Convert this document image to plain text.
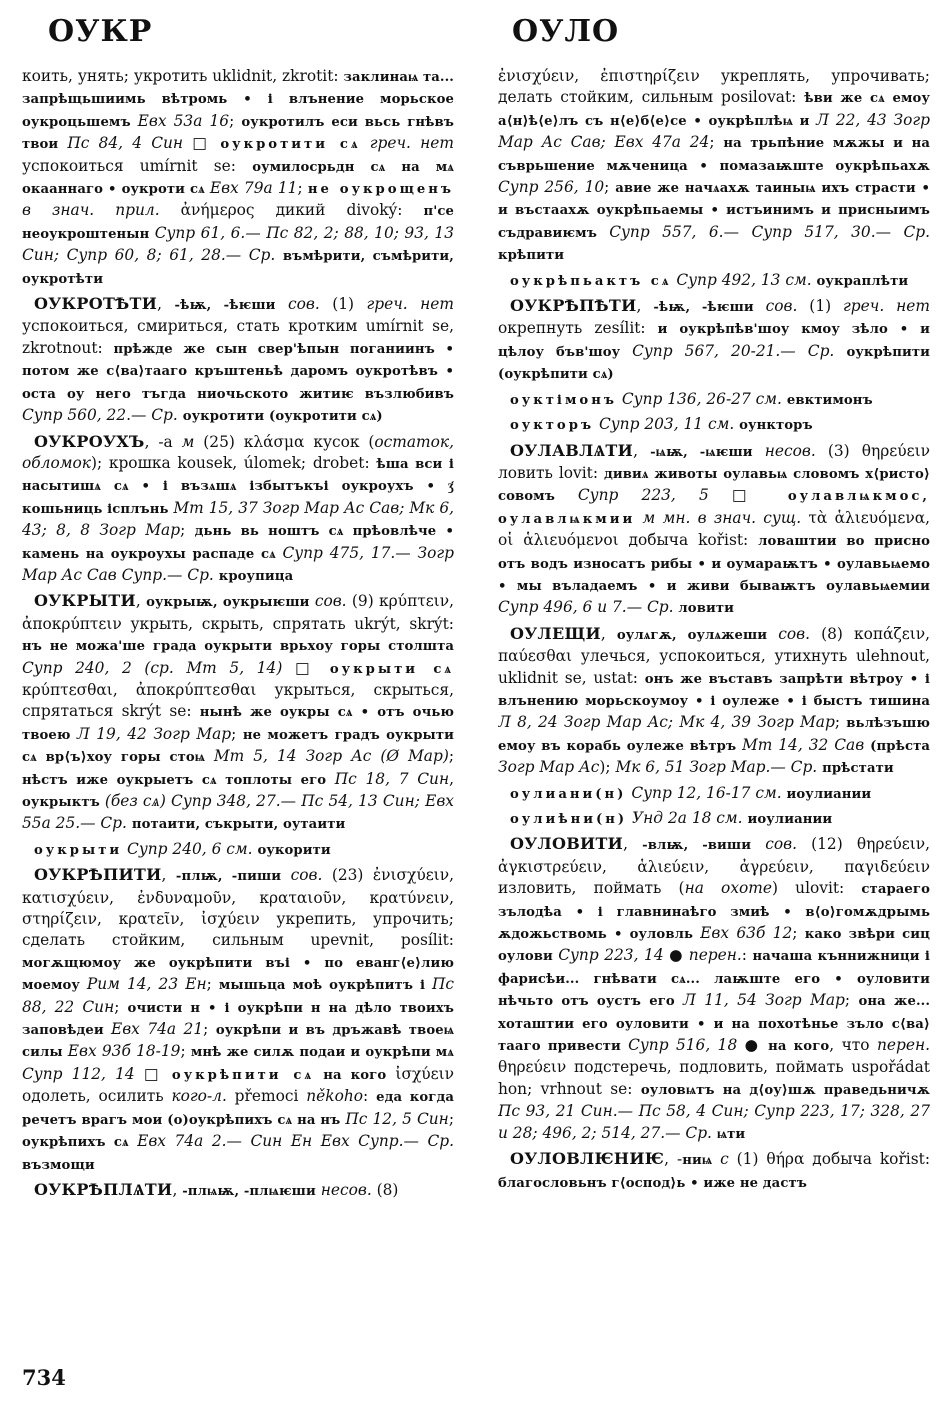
ОУКР	ОУЛО

коить, унять; укротить uklidnit, zkrotit: заклинаѩ та... запрѣщьшиимь вѣтромь • і влънение морьское оукроцьшемъ Евх 53а 16; оукротилъ еси вьсь гнѣвъ твои Пс 84, 4 Син □ оукротити сѧ греч. нет успокоиться umírnit se: оумилосрьдн сѧ на мѧ окааннаго • оукроти сѧ Евх 79а 11; не оукрощенъ в знач. прил. ἀνήμερος дикий divoký: п'се неоукроштенын Супр 61, 6.— Пс 82, 2; 88, 10; 93, 13 Син; Супр 60, 8; 61, 28.— Ср. въмѣрити, съмѣрити, оукротѣти

ОУКРОТѢТИ, -ѣѭ, -ѣѥши сов. (1) греч. нет успокоиться, смириться, стать кротким umírnit se, zkrotnout: прѣжде же сын свер'ѣпын поганиинъ • потом же с⟨ва⟩тааго кръштеньѣ даромъ оукротѣвъ • оста оу него тъгда ниочьското житиѥ възлюбивъ Супр 560, 22.— Ср. оукротити (оукротити сѧ)

ОУКРОУХЪ, -а м (25) κλάσμα кусок (остаток, обломок); крошка kousek, úlomek; drobet: ѣша вси і насытишѧ сѧ • і възѧшѧ ізбытъкъі оукроухъ • ӡ҃ кошьниць ісплънь Мт 15, 37 Зогр Мар Ас Сав; Мк 6, 43; 8, 8 Зогр Мар; дьнь вь ноштъ сѧ прѣовлѣче • камень на оукроухы распаде сѧ Супр 475, 17.— Зогр Мар Ас Сав Супр.— Ср. кроупица

ОУКРЫТИ, оукрыѭ, оукрыѥши сов. (9) κρύπτειν, ἀποκρύπτειν укрыть, скрыть, спрятать ukrýt, skrýt: нъ не можа'ше града оукрыти врьхоу горы столшта Супр 240, 2 (ср. Мт 5, 14) □ оукрыти сѧ κρύπτεσθαι, ἀποκρύπτεσθαι укрыться, скрыться, спрятаться skrýt se: нынѣ же оукры сѧ • отъ очью твоею Л 19, 42 Зогр Мар; не можетъ градъ оукрыти сѧ вр⟨ъ⟩хоу горы стоѩ Мт 5, 14 Зогр Ас (Ø Мар); нѣстъ иже оукрыетъ сѧ топлоты его Пс 18, 7 Син, оукрыктъ (без сѧ) Супр 348, 27.— Пс 54, 13 Син; Евх 55а 25.— Ср. потаити, съкрыти, оутаити

оукрыти Супр 240, 6 см. оукорити

ОУКРѢПИТИ, -плѭ, -пиши сов. (23) ἐνισχύειν, κατισχύειν, ἐνδυναμοῦν, κραταιοῦν, κρατύνειν, στηρίζειν, κρατεῖν, ἰσχύειν укрепить, упрочить; сделать стойким, сильным upevnit, posílit: могѫщюмоу же оукрѣпити въі • по еванг⟨е⟩лию моемоу Рим 14, 23 Ен; мышьца моѣ оукрѣпитъ і Пс 88, 22 Син; очисти н • і оукрѣпи н на дѣло твоихъ заповѣдеи Евх 74а 21; оукрѣпи и въ дръжавѣ твоеѩ силы Евх 93б 18-19; мнѣ же силѫ подаи и оукрѣпи мѧ Супр 112, 14 □ оукрѣпити сѧ на кого ἰσχύειν одолеть, осилить кого-л. přemoci někoho: еда когда речетъ врагъ мои (о)оукрѣпихъ сѧ на нъ Пс 12, 5 Син; оукрѣпихъ сѧ Евх 74а 2.— Син Ен Евх Супр.— Ср. възмощи

ОУКРѢПЛѦТИ, -плѩѭ, -плѩѥши несов. (8)

ἐνισχύειν, ἐπιστηρίζειν укреплять, упрочивать; делать стойким, сильным posilovat: ѣви же сѧ емоу а⟨н⟩ѣ⟨е⟩лъ съ н⟨е⟩б⟨е⟩се • оукрѣплѣѩ и Л 22, 43 Зогр Мар Ас Сав; Евх 47а 24; на трьпѣние мѫжы и на съврьшение мѫченица • помазаѭште оукрѣпьахѫ Супр 256, 10; авие же начѧахѫ таиныѩ ихъ страсти • и въстаахѫ оукрѣпьаемы • истъинимъ и присныимъ съдравиѥмъ Супр 557, 6.— Супр 517, 30.— Ср. крѣпити

оукрѣпьактъ сѧ Супр 492, 13 см. оукраплѣти

ОУКРѢПѢТИ, -ѣѭ, -ѣѥши сов. (1) греч. нет окрепнуть zesílit: и оукрѣпѣв'шоу кмоу зѣло • и цѣлоу бъв'шоу Супр 567, 20-21.— Ср. оукрѣпити (оукрѣпити сѧ)

оуктімонъ Супр 136, 26-27 см. евктимонъ

оукторъ Супр 203, 11 см. оункторъ

ОУЛАВЛѦТИ, -ѩѭ, -ѩѥши несов. (3) θηρεύειν ловить lovit: дивиѧ животы оулавьѩ словомъ х⟨ристо⟩совомъ Супр 223, 5 □ оулавлѩкмос, оулавлѩкмии м мн. в знач. сущ. τὰ ἁλιευόμενα, οἱ ἁλιευόμενοι добыча kořist: ловаштии во присно отъ водъ износатъ рибы • и оумараѭтъ • оулавьѩемо • мы въладаемъ • и живи бываѭтъ оулавьѩемии Супр 496, 6 и 7.— Ср. ловити

ОУЛЕЩИ, оулѧгѫ, оулѧжеши сов. (8) κοπάζειν, παύεσθαι улечься, успокоиться, утихнуть ulehnout, uklidnit se, ustat: онъ же въставъ запрѣти вѣтроу • і влънению морьскоумоу • і оулеже • і быстъ тишина Л 8, 24 Зогр Мар Ас; Мк 4, 39 Зогр Мар; вьлѣзъшю емоу въ корабь оулеже вѣтръ Мт 14, 32 Сав (прѣста Зогр Мар Ас); Мк 6, 51 Зогр Мар.— Ср. прѣстати

оулиани(н) Супр 12, 16-17 см. иоулиании

оулиѣни(н) Унд 2а 18 см. иоулиании

ОУЛОВИТИ, -влѭ, -виши сов. (12) θηρεύειν, ἀγκιστρεύειν, ἁλιεύειν, ἀγρεύειν, παγιδεύειν изловить, поймать (на охоте) ulovit: стараего зълодѣа • і главнинаѣго змиѣ • в⟨о⟩гомѫдрымь ѫдожьствомь • оуловль Евх 63б 12; како звѣри сиц оулови Супр 223, 14 ● перен.: начаша къннижници і фарисѣи... гнѣвати сѧ... лаѭште его • оуловити нѣчьто отъ оустъ его Л 11, 54 Зогр Мар; она же... хоташтии его оуловити • и на похотѣнье зъло с⟨ва⟩тааго привести Супр 516, 18 ● на кого, что перен. θηρεύειν подстеречь, подловить, поймать uspořádat hon; vrhnout se: оуловѩтъ на д⟨оу⟩шѫ праведьничѫ Пс 93, 21 Син.— Пс 58, 4 Син; Супр 223, 17; 328, 27 и 28; 496, 2; 514, 27.— Ср. ѩти

ОУЛОВЛѤНИѤ, -ниѩ с (1) θήρα добыча kořist: благословьнъ г⟨оспод⟩ь • иже не дастъ

734
